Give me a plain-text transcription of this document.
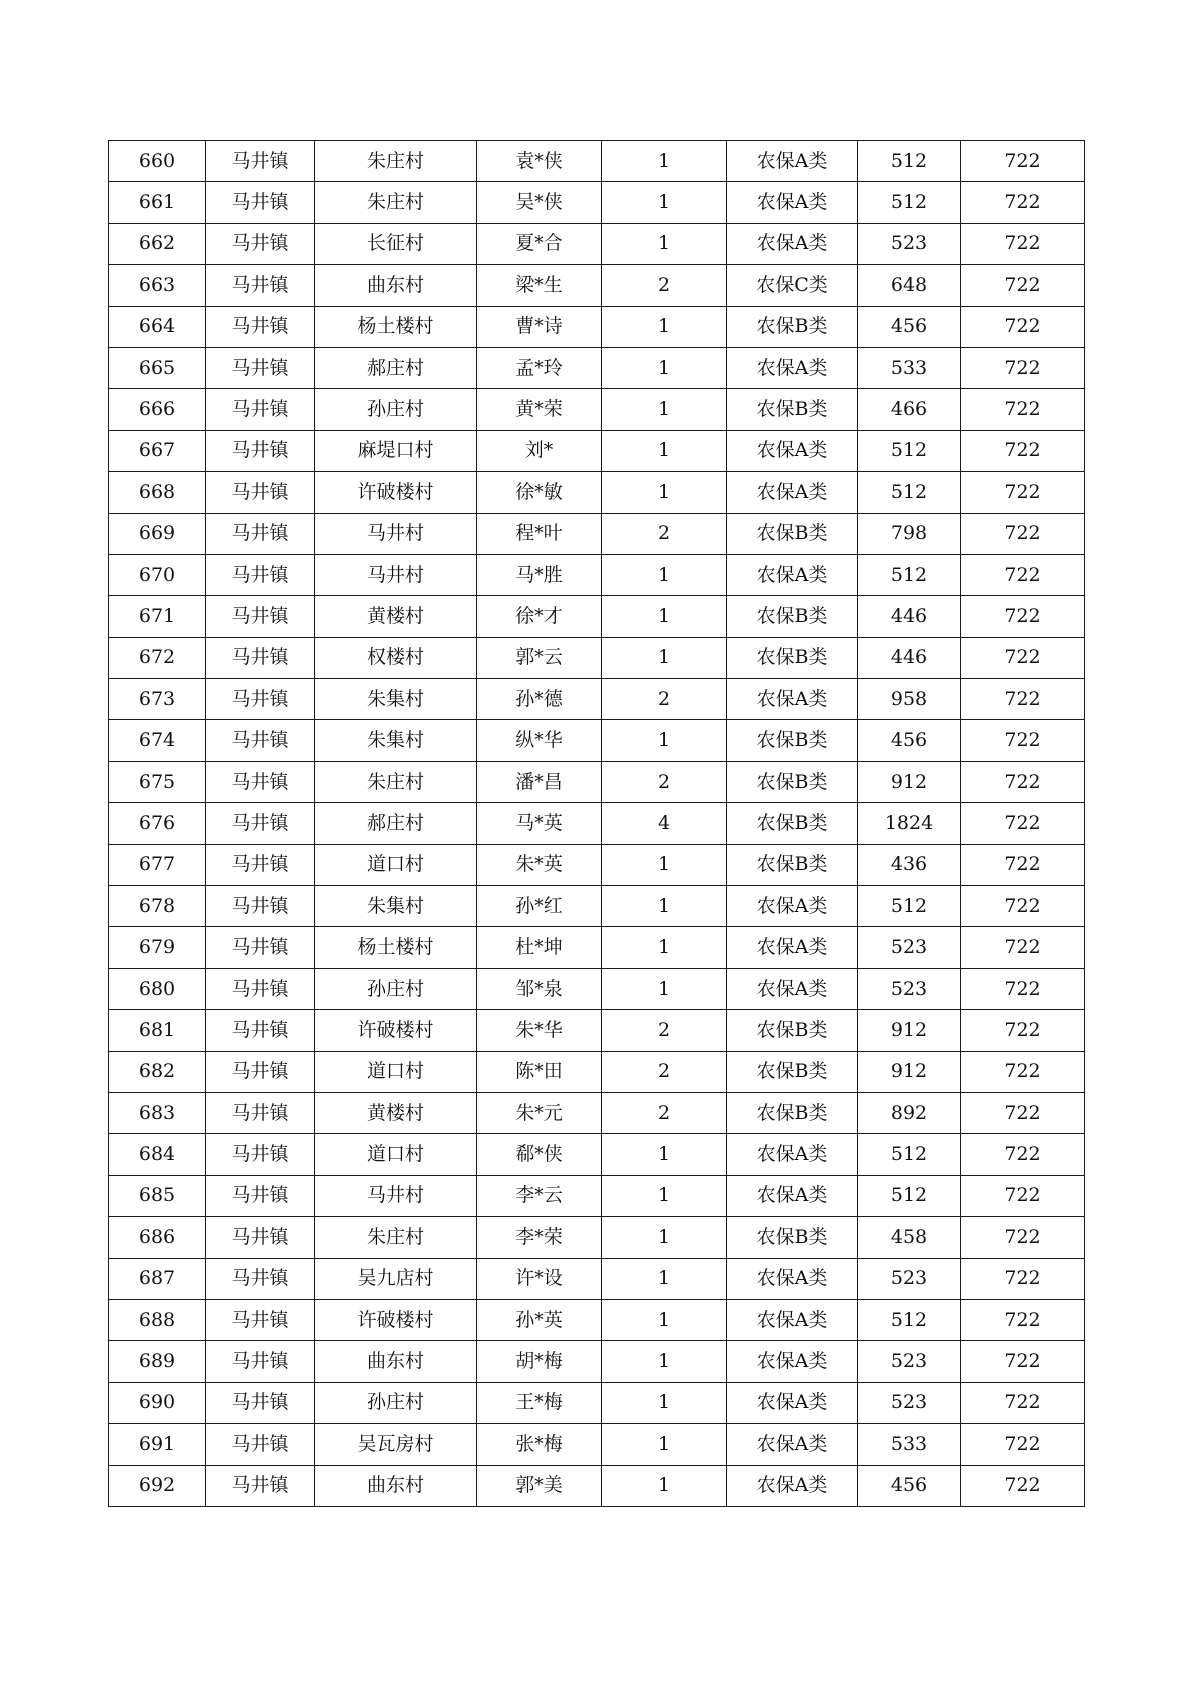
660	马井镇	朱庄村	袁*侠	1	农保A类	512	722
661	马井镇	朱庄村	吴*侠	1	农保A类	512	722
662	马井镇	长征村	夏*合	1	农保A类	523	722
663	马井镇	曲东村	梁*生	2	农保C类	648	722
664	马井镇	杨土楼村	曹*诗	1	农保B类	456	722
665	马井镇	郝庄村	孟*玲	1	农保A类	533	722
666	马井镇	孙庄村	黄*荣	1	农保B类	466	722
667	马井镇	麻堤口村	刘*	1	农保A类	512	722
668	马井镇	许破楼村	徐*敏	1	农保A类	512	722
669	马井镇	马井村	程*叶	2	农保B类	798	722
670	马井镇	马井村	马*胜	1	农保A类	512	722
671	马井镇	黄楼村	徐*才	1	农保B类	446	722
672	马井镇	权楼村	郭*云	1	农保B类	446	722
673	马井镇	朱集村	孙*德	2	农保A类	958	722
674	马井镇	朱集村	纵*华	1	农保B类	456	722
675	马井镇	朱庄村	潘*昌	2	农保B类	912	722
676	马井镇	郝庄村	马*英	4	农保B类	1824	722
677	马井镇	道口村	朱*英	1	农保B类	436	722
678	马井镇	朱集村	孙*红	1	农保A类	512	722
679	马井镇	杨土楼村	杜*坤	1	农保A类	523	722
680	马井镇	孙庄村	邹*泉	1	农保A类	523	722
681	马井镇	许破楼村	朱*华	2	农保B类	912	722
682	马井镇	道口村	陈*田	2	农保B类	912	722
683	马井镇	黄楼村	朱*元	2	农保B类	892	722
684	马井镇	道口村	郗*侠	1	农保A类	512	722
685	马井镇	马井村	李*云	1	农保A类	512	722
686	马井镇	朱庄村	李*荣	1	农保B类	458	722
687	马井镇	吴九店村	许*设	1	农保A类	523	722
688	马井镇	许破楼村	孙*英	1	农保A类	512	722
689	马井镇	曲东村	胡*梅	1	农保A类	523	722
690	马井镇	孙庄村	王*梅	1	农保A类	523	722
691	马井镇	吴瓦房村	张*梅	1	农保A类	533	722
692	马井镇	曲东村	郭*美	1	农保A类	456	722
